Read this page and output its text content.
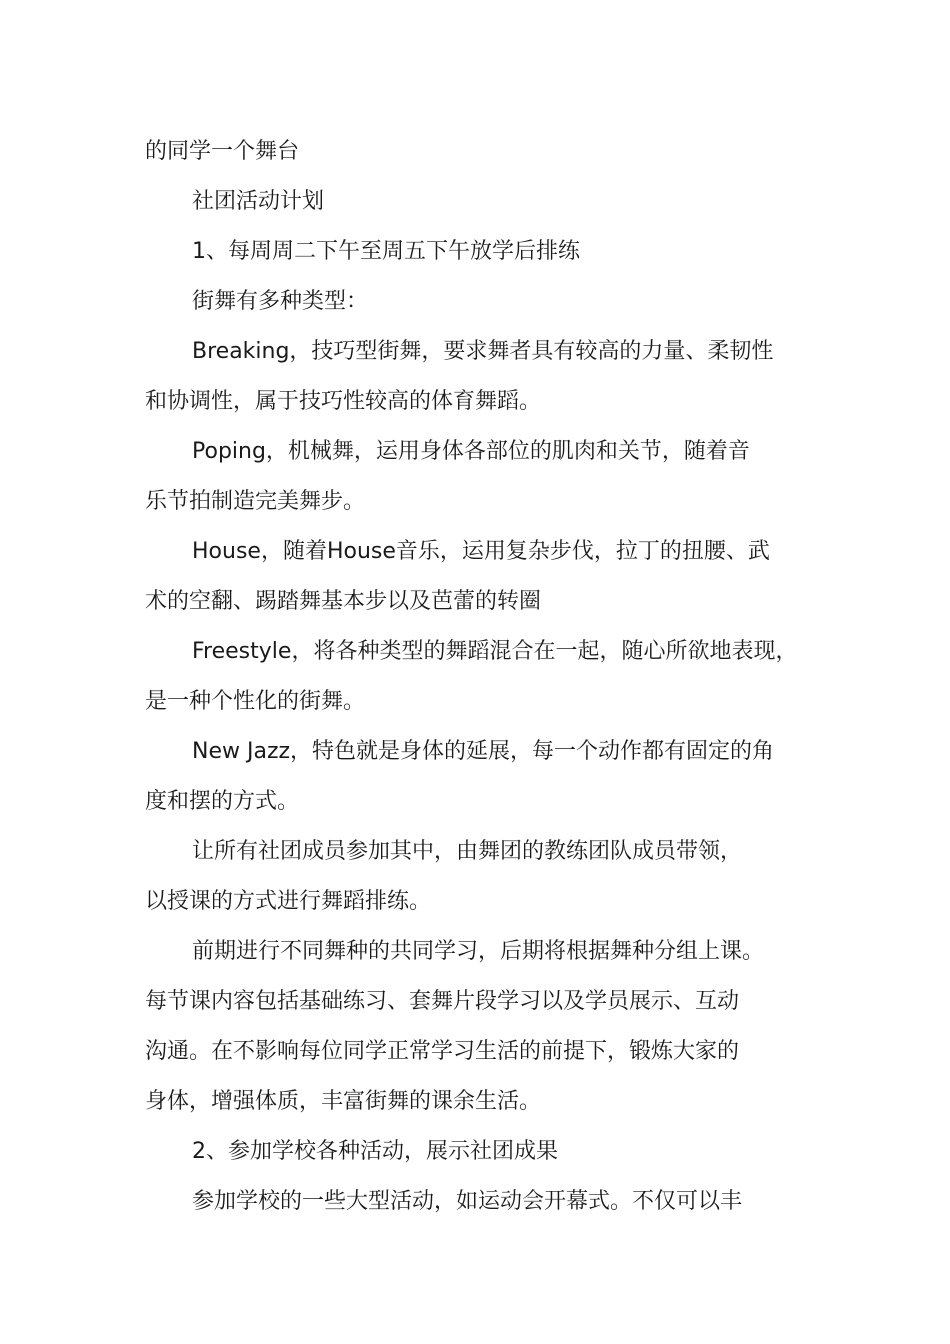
的同学一个舞台
社团活动计划
1、每周周二下午至周五下午放学后排练
街舞有多种类型：
Breaking，技巧型街舞，要求舞者具有较高的力量、柔韧性
和协调性，属于技巧性较高的体育舞蹈。
Poping，机械舞，运用身体各部位的肌肉和关节，随着音
乐节拍制造完美舞步。
House，随着House音乐，运用复杂步伐，拉丁的扭腰、武
术的空翻、踢踏舞基本步以及芭蕾的转圈
Freestyle，将各种类型的舞蹈混合在一起，随心所欲地表现，
是一种个性化的街舞。
New Jazz，特色就是身体的延展，每一个动作都有固定的角
度和摆的方式。
让所有社团成员参加其中，由舞团的教练团队成员带领，
以授课的方式进行舞蹈排练。
前期进行不同舞种的共同学习，后期将根据舞种分组上课。
每节课内容包括基础练习、套舞片段学习以及学员展示、互动
沟通。在不影响每位同学正常学习生活的前提下，锻炼大家的
身体，增强体质，丰富街舞的课余生活。
2、参加学校各种活动，展示社团成果
参加学校的一些大型活动，如运动会开幕式。不仅可以丰
